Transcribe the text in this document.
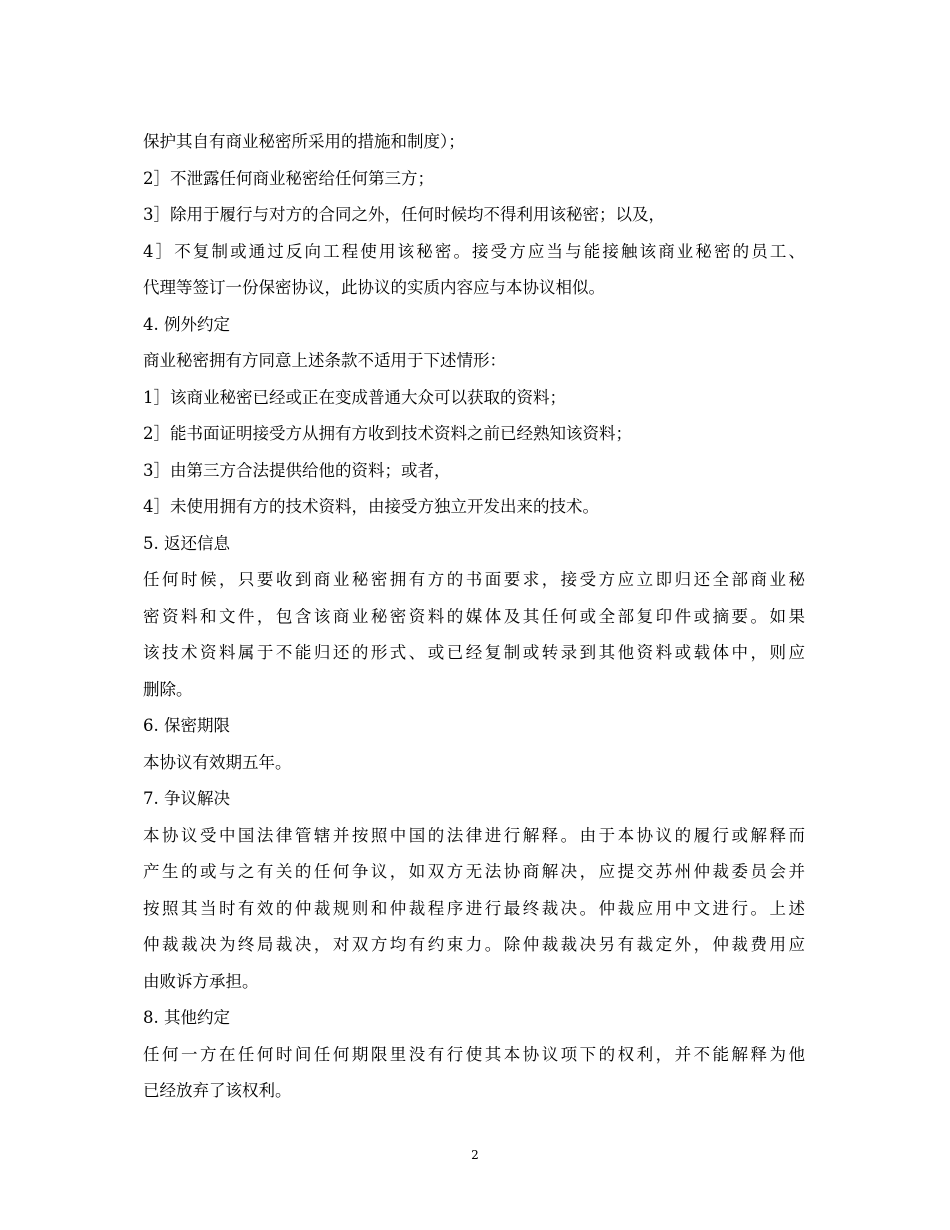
保护其自有商业秘密所采用的措施和制度）；
2］不泄露任何商业秘密给任何第三方；
3］除用于履行与对方的合同之外，任何时候均不得利用该秘密；以及，
4］不复制或通过反向工程使用该秘密。接受方应当与能接触该商业秘密的员工、
代理等签订一份保密协议，此协议的实质内容应与本协议相似。
4. 例外约定
商业秘密拥有方同意上述条款不适用于下述情形：
1］该商业秘密已经或正在变成普通大众可以获取的资料；
2］能书面证明接受方从拥有方收到技术资料之前已经熟知该资料；
3］由第三方合法提供给他的资料；或者，
4］未使用拥有方的技术资料，由接受方独立开发出来的技术。
5. 返还信息
任何时候，只要收到商业秘密拥有方的书面要求，接受方应立即归还全部商业秘
密资料和文件，包含该商业秘密资料的媒体及其任何或全部复印件或摘要。如果
该技术资料属于不能归还的形式、或已经复制或转录到其他资料或载体中，则应
删除。
6. 保密期限
本协议有效期五年。
7. 争议解决
本协议受中国法律管辖并按照中国的法律进行解释。由于本协议的履行或解释而
产生的或与之有关的任何争议，如双方无法协商解决，应提交苏州仲裁委员会并
按照其当时有效的仲裁规则和仲裁程序进行最终裁决。仲裁应用中文进行。上述
仲裁裁决为终局裁决，对双方均有约束力。除仲裁裁决另有裁定外，仲裁费用应
由败诉方承担。
8. 其他约定
任何一方在任何时间任何期限里没有行使其本协议项下的权利，并不能解释为他
已经放弃了该权利。
2
